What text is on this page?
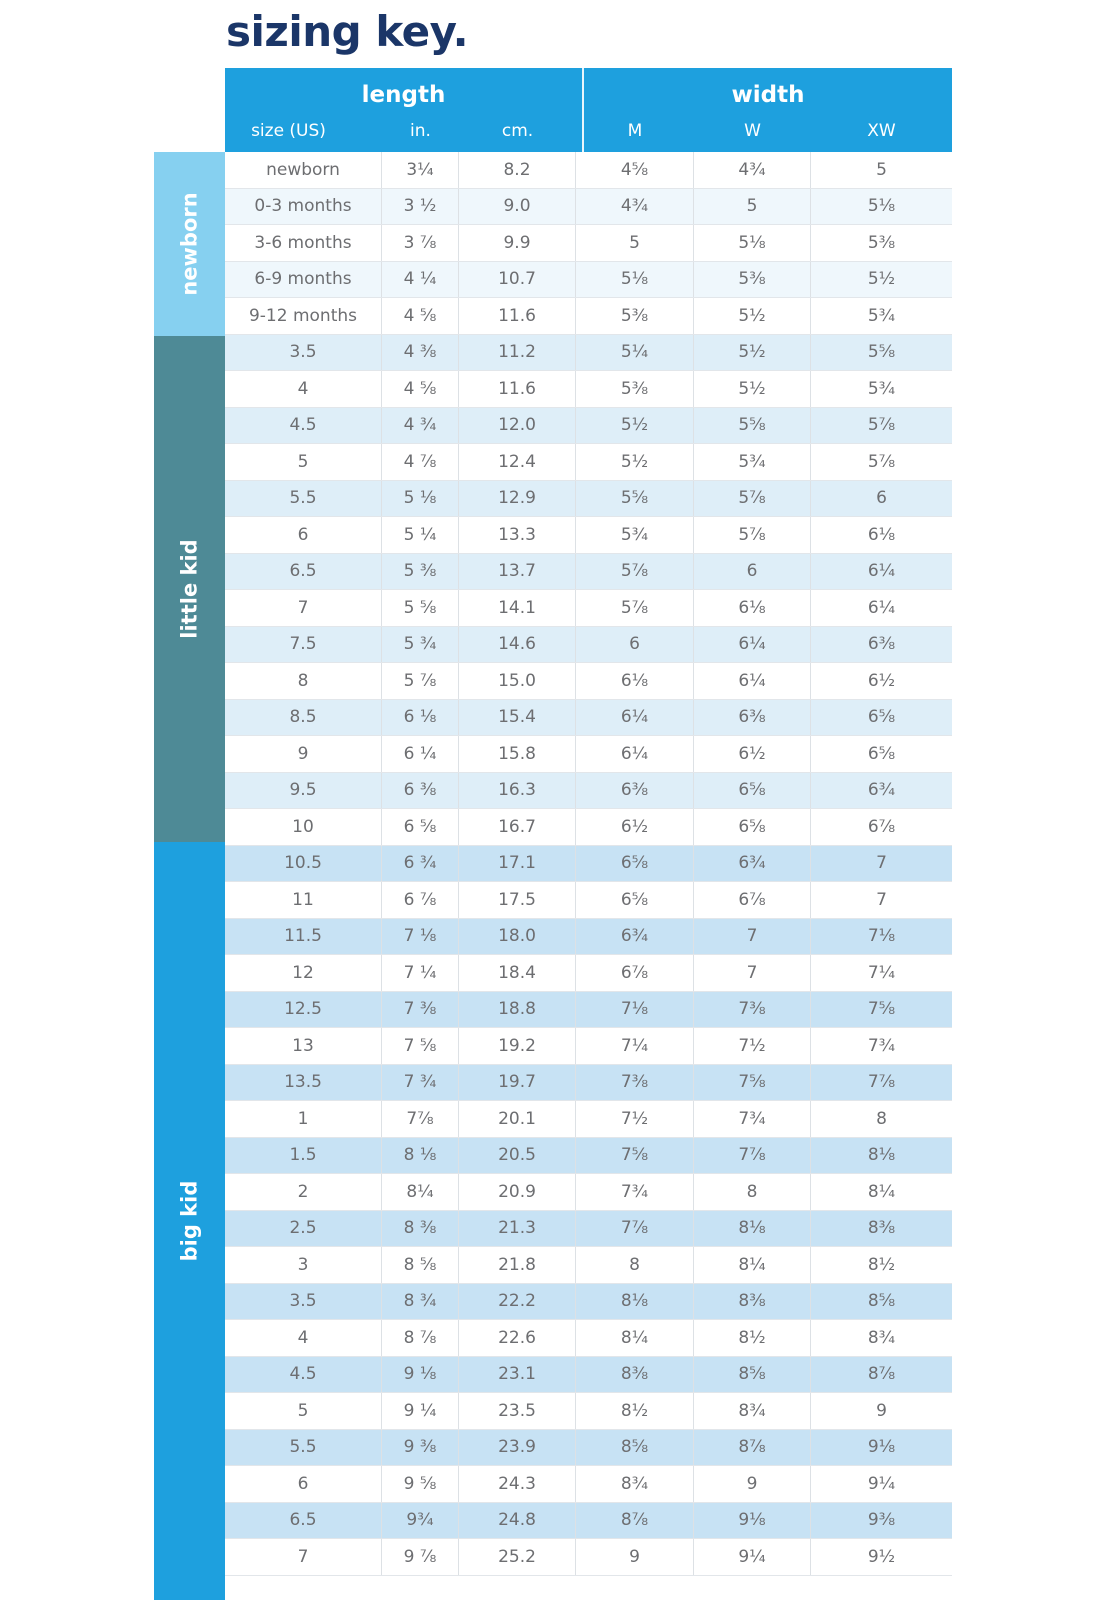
sizing key.
length	width
size (US)	in.	cm.	M	W	XW
newborn
little kid
big kid
newborn	3¼	8.2	4⅝	4¾	5
0-3 months	3 ½	9.0	4¾	5	5⅛
3-6 months	3 ⅞	9.9	5	5⅛	5⅜
6-9 months	4 ¼	10.7	5⅛	5⅜	5½
9-12 months	4 ⅝	11.6	5⅜	5½	5¾
3.5	4 ⅜	11.2	5¼	5½	5⅝
4	4 ⅝	11.6	5⅜	5½	5¾
4.5	4 ¾	12.0	5½	5⅝	5⅞
5	4 ⅞	12.4	5½	5¾	5⅞
5.5	5 ⅛	12.9	5⅝	5⅞	6
6	5 ¼	13.3	5¾	5⅞	6⅛
6.5	5 ⅜	13.7	5⅞	6	6¼
7	5 ⅝	14.1	5⅞	6⅛	6¼
7.5	5 ¾	14.6	6	6¼	6⅜
8	5 ⅞	15.0	6⅛	6¼	6½
8.5	6 ⅛	15.4	6¼	6⅜	6⅝
9	6 ¼	15.8	6¼	6½	6⅝
9.5	6 ⅜	16.3	6⅜	6⅝	6¾
10	6 ⅝	16.7	6½	6⅝	6⅞
10.5	6 ¾	17.1	6⅝	6¾	7
11	6 ⅞	17.5	6⅝	6⅞	7
11.5	7 ⅛	18.0	6¾	7	7⅛
12	7 ¼	18.4	6⅞	7	7¼
12.5	7 ⅜	18.8	7⅛	7⅜	7⅝
13	7 ⅝	19.2	7¼	7½	7¾
13.5	7 ¾	19.7	7⅜	7⅝	7⅞
1	7⅞	20.1	7½	7¾	8
1.5	8 ⅛	20.5	7⅝	7⅞	8⅛
2	8¼	20.9	7¾	8	8¼
2.5	8 ⅜	21.3	7⅞	8⅛	8⅜
3	8 ⅝	21.8	8	8¼	8½
3.5	8 ¾	22.2	8⅛	8⅜	8⅝
4	8 ⅞	22.6	8¼	8½	8¾
4.5	9 ⅛	23.1	8⅜	8⅝	8⅞
5	9 ¼	23.5	8½	8¾	9
5.5	9 ⅜	23.9	8⅝	8⅞	9⅛
6	9 ⅝	24.3	8¾	9	9¼
6.5	9¾	24.8	8⅞	9⅛	9⅜
7	9 ⅞	25.2	9	9¼	9½
